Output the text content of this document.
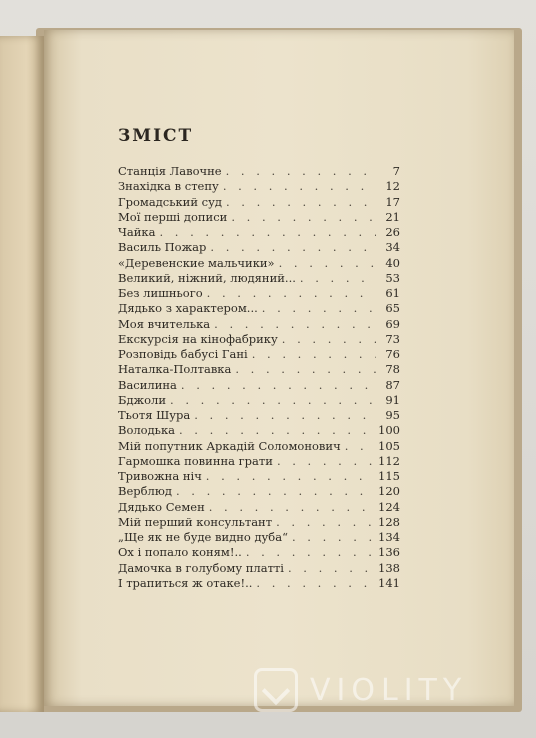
ЗМІСТ
Станція Лавочне . . .	7
Знахідка в степу . . .	12
Громадський суд . . .	17
Мої перші дописи . . .	21
Чайка . . .	26
Василь Пожар . . .	34
«Деревенские мальчики» . . .	40
Великий, ніжний, людяний... . . .	53
Без лишнього . . .	61
Дядько з характером... . . .	65
Моя вчителька . . .	69
Екскурсія на кінофабрику . . .	73
Розповідь бабусі Гані . . .	76
Наталка-Полтавка . . .	78
Василина . . .	87
Бджоли . . .	91
Тьотя Шура . . .	95
Володька . . .	100
Мій попутник Аркадій Соломонович . . .	105
Гармошка повинна грати . . .	112
Тривожна ніч . . .	115
Верблюд . . .	120
Дядько Семен . . .	124
Мій перший консультант . . .	128
„Ще як не буде видно дуба“ . . .	134
Ох і попало коням!.. . . .	136
Дамочка в голубому платті . . .	138
І трапиться ж отаке!.. . . .	141
VIOLITY
